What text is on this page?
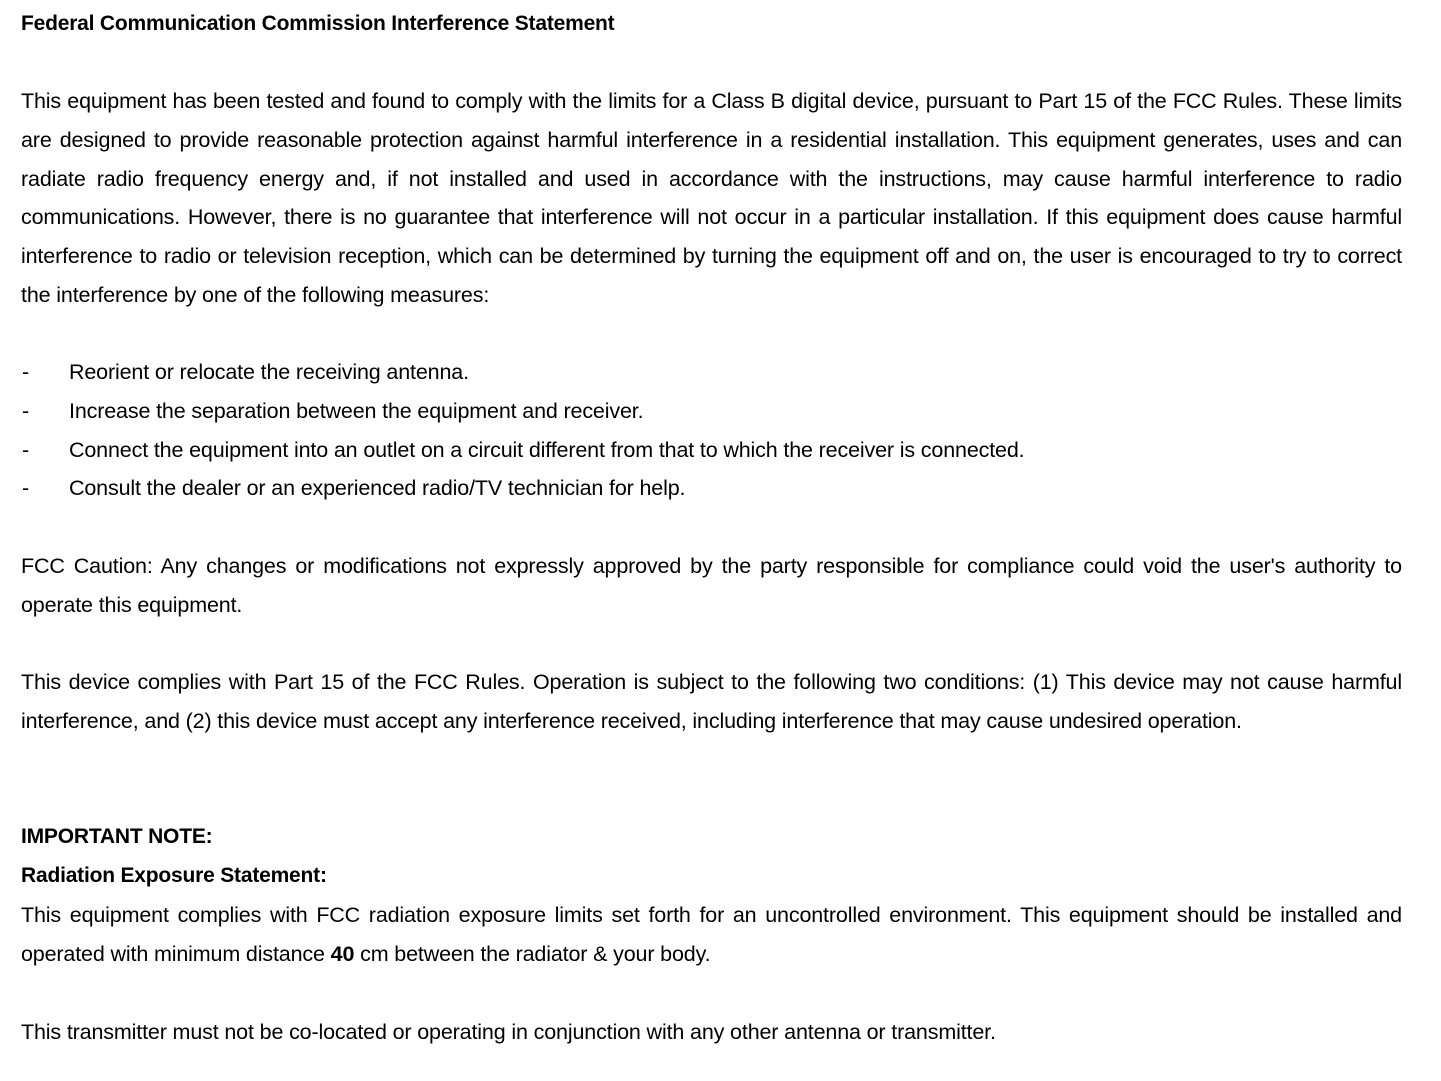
Federal Communication Commission Interference Statement
This equipment has been tested and found to comply with the limits for a Class B digital device, pursuant to Part 15 of the FCC Rules. These limits are designed to provide reasonable protection against harmful interference in a residential installation. This equipment generates, uses and can radiate radio frequency energy and, if not installed and used in accordance with the instructions, may cause harmful interference to radio communications. However, there is no guarantee that interference will not occur in a particular installation. If this equipment does cause harmful interference to radio or television reception, which can be determined by turning the equipment off and on, the user is encouraged to try to correct the interference by one of the following measures:
- Reorient or relocate the receiving antenna.
- Increase the separation between the equipment and receiver.
- Connect the equipment into an outlet on a circuit different from that to which the receiver is connected.
- Consult the dealer or an experienced radio/TV technician for help.
FCC Caution: Any changes or modifications not expressly approved by the party responsible for compliance could void the user's authority to operate this equipment.
This device complies with Part 15 of the FCC Rules. Operation is subject to the following two conditions: (1) This device may not cause harmful interference, and (2) this device must accept any interference received, including interference that may cause undesired operation.
IMPORTANT NOTE:
Radiation Exposure Statement:
This equipment complies with FCC radiation exposure limits set forth for an uncontrolled environment. This equipment should be installed and operated with minimum distance 40 cm between the radiator & your body.
This transmitter must not be co-located or operating in conjunction with any other antenna or transmitter.
